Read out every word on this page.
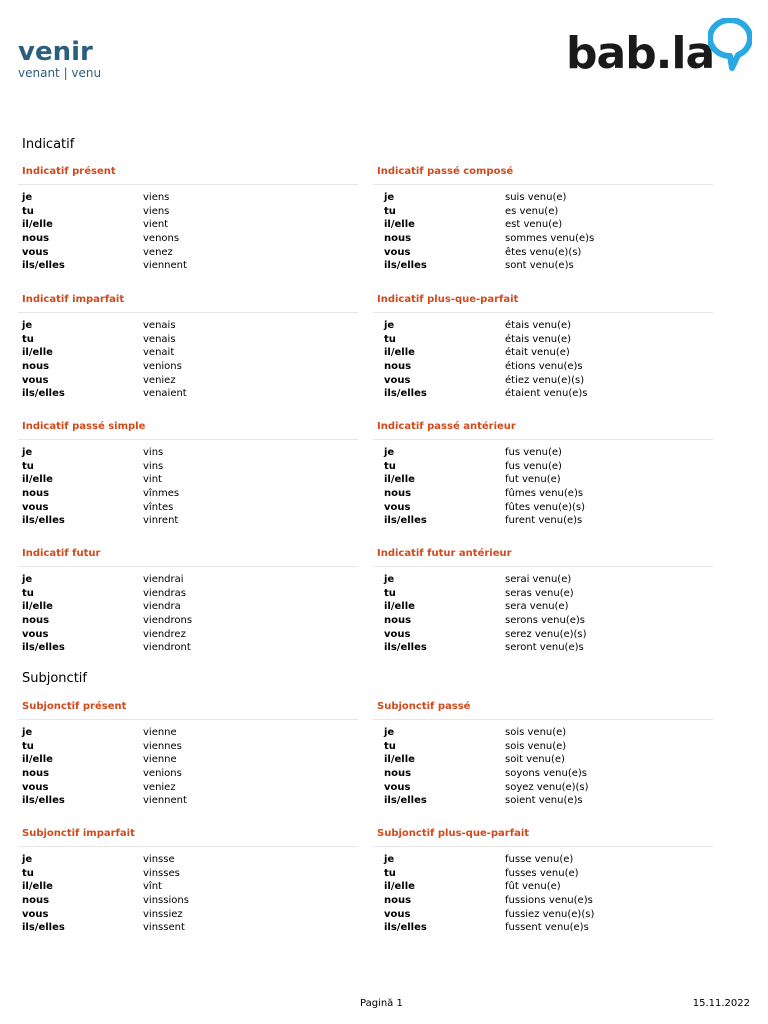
venir
venant | venu	bab.la
Indicatif
Subjonctif
Indicatif présent
je	viens
tu	viens
il/elle	vient
nous	venons
vous	venez
ils/elles	viennent
Indicatif passé composé
je	suis venu(e)
tu	es venu(e)
il/elle	est venu(e)
nous	sommes venu(e)s
vous	êtes venu(e)(s)
ils/elles	sont venu(e)s
Indicatif imparfait
je	venais
tu	venais
il/elle	venait
nous	venions
vous	veniez
ils/elles	venaient
Indicatif plus-que-parfait
je	étais venu(e)
tu	étais venu(e)
il/elle	était venu(e)
nous	étions venu(e)s
vous	étiez venu(e)(s)
ils/elles	étaient venu(e)s
Indicatif passé simple
je	vins
tu	vins
il/elle	vint
nous	vînmes
vous	vîntes
ils/elles	vinrent
Indicatif passé antérieur
je	fus venu(e)
tu	fus venu(e)
il/elle	fut venu(e)
nous	fûmes venu(e)s
vous	fûtes venu(e)(s)
ils/elles	furent venu(e)s
Indicatif futur
je	viendrai
tu	viendras
il/elle	viendra
nous	viendrons
vous	viendrez
ils/elles	viendront
Indicatif futur antérieur
je	serai venu(e)
tu	seras venu(e)
il/elle	sera venu(e)
nous	serons venu(e)s
vous	serez venu(e)(s)
ils/elles	seront venu(e)s
Subjonctif présent
je	vienne
tu	viennes
il/elle	vienne
nous	venions
vous	veniez
ils/elles	viennent
Subjonctif passé
je	sois venu(e)
tu	sois venu(e)
il/elle	soit venu(e)
nous	soyons venu(e)s
vous	soyez venu(e)(s)
ils/elles	soient venu(e)s
Subjonctif imparfait
je	vinsse
tu	vinsses
il/elle	vînt
nous	vinssions
vous	vinssiez
ils/elles	vinssent
Subjonctif plus-que-parfait
je	fusse venu(e)
tu	fusses venu(e)
il/elle	fût venu(e)
nous	fussions venu(e)s
vous	fussiez venu(e)(s)
ils/elles	fussent venu(e)s
Pagină 1	15.11.2022
